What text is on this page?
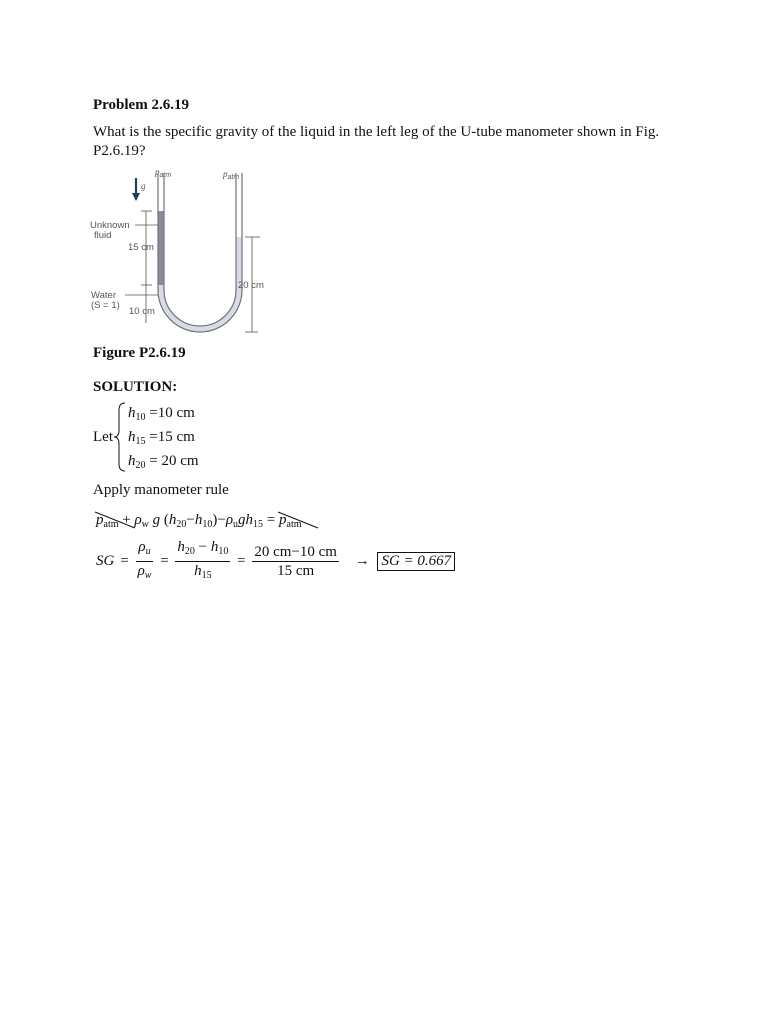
Problem 2.6.19
What is the specific gravity of the liquid in the left leg of the U-tube manometer shown in Fig. P2.6.19?
$p_{atm}$	$p_{atm}$
g
Unknown
fluid
15 cm
Water
(S = 1)
10 cm
20 cm
Figure P2.6.19
SOLUTION:
Let
$h_{10} =10$ cm
$h_{15} =15$ cm
$h_{20} = 20$ cm
Apply manometer rule
$p_{atm} + \rho_w$ g $(h_{20}-h_{10})-\rho_ugh_{15} = p_{atm}$
SG = $\frac{\rho_u}{\rho_w} = \frac{h_{20} - h_{10}}{h_{15}} = \frac{20 cm-10 cm}{15 cm}$ → SG = 0.667
